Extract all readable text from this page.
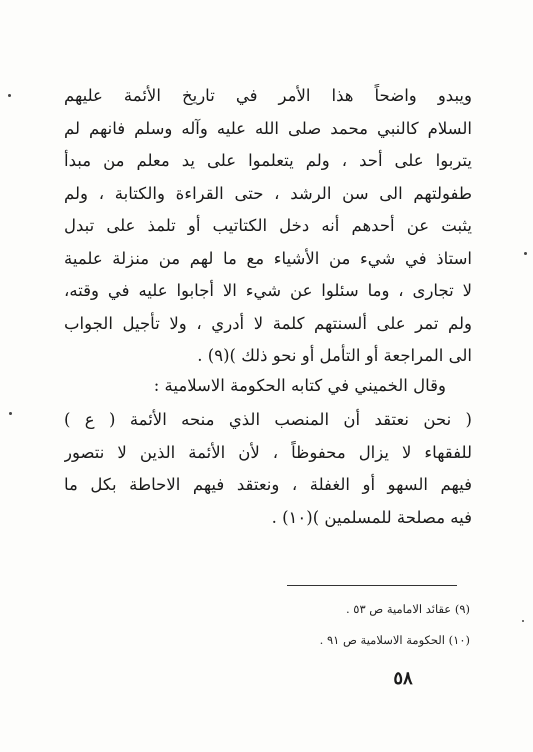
ويبدو واضحاً هذا الأمر في تاريخ الأئمة عليهم
السلام كالنبي محمد صلى الله عليه وآله وسلم فانهم لم
يتربوا على أحد ، ولم يتعلموا على يد معلم من مبدأ
طفولتهم الى سن الرشد ، حتى القراءة والكتابة ، ولم
يثبت عن أحدهم أنه دخل الكتاتيب أو تلمذ على تبدل
استاذ في شيء من الأشياء مع ما لهم من منزلة علمية
لا تجارى ، وما سئلوا عن شيء الا أجابوا عليه في وقته،
ولم تمر على ألسنتهم كلمة لا أدري ، ولا تأجيل الجواب
الى المراجعة أو التأمل أو نحو ذلك )(٩) .
وقال الخميني في كتابه الحكومة الاسلامية :
( نحن نعتقد أن المنصب الذي منحه الأئمة ( ع )
للفقهاء لا يزال محفوظاً ، لأن الأئمة الذين لا نتصور
فيهم السهو أو الغفلة ، ونعتقد فيهم الاحاطة بكل ما
فيه مصلحة للمسلمين )(١٠) .
(٩) عقائد الامامية ص ٥٣ .
(١٠) الحكومة الاسلامية ص ٩١ .
٥٨
